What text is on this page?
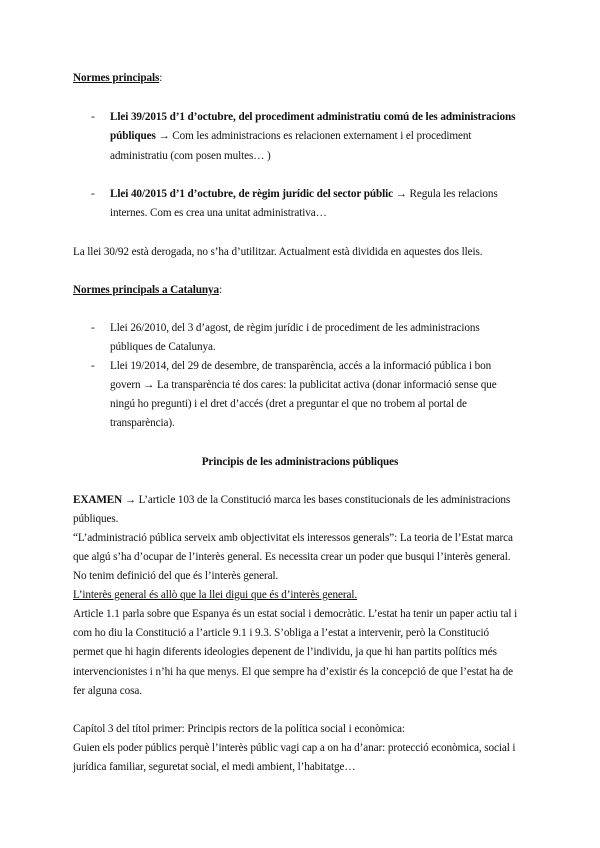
Normes principals:
- Llei 39/2015 d’1 d’octubre, del procediment administratiu comú de les administracions
públiques → Com les administracions es relacionen externament i el procediment
administratiu (com posen multes… )
- Llei 40/2015 d’1 d’octubre, de règim jurídic del sector públic → Regula les relacions
internes. Com es crea una unitat administrativa…
La llei 30/92 està derogada, no s’ha d’utilitzar. Actualment està dividida en aquestes dos lleis.
Normes principals a Catalunya:
- Llei 26/2010, del 3 d’agost, de règim jurídic i de procediment de les administracions
públiques de Catalunya.
- Llei 19/2014, del 29 de desembre, de transparència, accés a la informació pública i bon
govern → La transparència té dos cares: la publicitat activa (donar informació sense que
ningú ho pregunti) i el dret d’accés (dret a preguntar el que no trobem al portal de
transparència).
Principis de les administracions públiques
EXAMEN → L’article 103 de la Constitució marca les bases constitucionals de les administracions
públiques.
“L’administració pública serveix amb objectivitat els interessos generals”: La teoria de l’Estat marca
que algú s’ha d’ocupar de l’interès general. Es necessita crear un poder que busqui l’interès general.
No tenim definició del que és l’interès general.
L’interès general és allò que la llei digui que és d’interès general.
Article 1.1 parla sobre que Espanya és un estat social i democràtic. L’estat ha tenir un paper actiu tal i
com ho diu la Constitució a l’article 9.1 i 9.3. S’obliga a l’estat a intervenir, però la Constitució
permet que hi hagin diferents ideologies depenent de l’individu, ja que hi han partits polítics més
intervencionistes i n’hi ha que menys. El que sempre ha d’existir és la concepció de que l’estat ha de
fer alguna cosa.
Capítol 3 del títol primer: Principis rectors de la política social i econòmica:
Guien els poder públics perquè l’interès públic vagi cap a on ha d’anar: protecció econòmica, social i
jurídica familiar, seguretat social, el medi ambient, l’habitatge…
